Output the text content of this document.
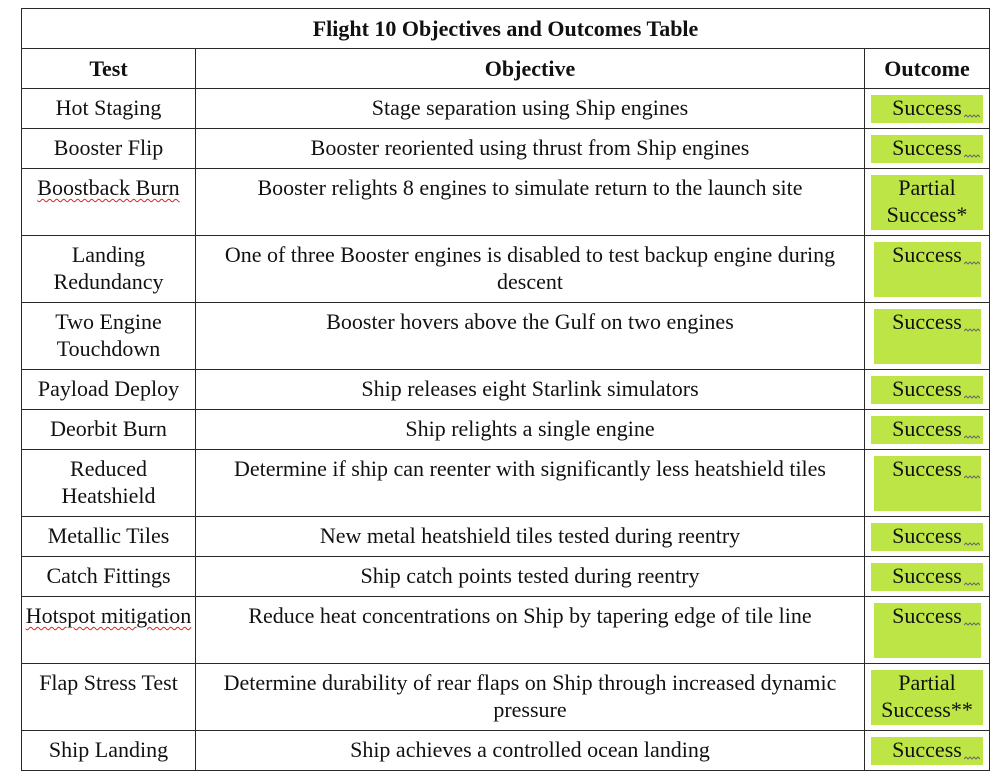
Flight 10 Objectives and Outcomes Table		
Test	Objective	Outcome
Hot Staging	Stage separation using Ship engines	Success

Booster Flip	Booster reoriented using thrust from Ship engines	Success

Boostback Burn	Booster relights 8 engines to simulate return to the launch site	Partial Success*
Landing Redundancy	One of three Booster engines is disabled to test backup engine during descent	Success

Two Engine Touchdown	Booster hovers above the Gulf on two engines	Success

Payload Deploy	Ship releases eight Starlink simulators	Success

Deorbit Burn	Ship relights a single engine	Success

Reduced Heatshield	Determine if ship can reenter with significantly less heatshield tiles	Success

Metallic Tiles	New metal heatshield tiles tested during reentry	Success

Catch Fittings	Ship catch points tested during reentry	Success

Hotspot mitigation	Reduce heat concentrations on Ship by tapering edge of tile line	Success

Flap Stress Test	Determine durability of rear flaps on Ship through increased dynamic pressure	Partial Success**
Ship Landing	Ship achieves a controlled ocean landing	Success
